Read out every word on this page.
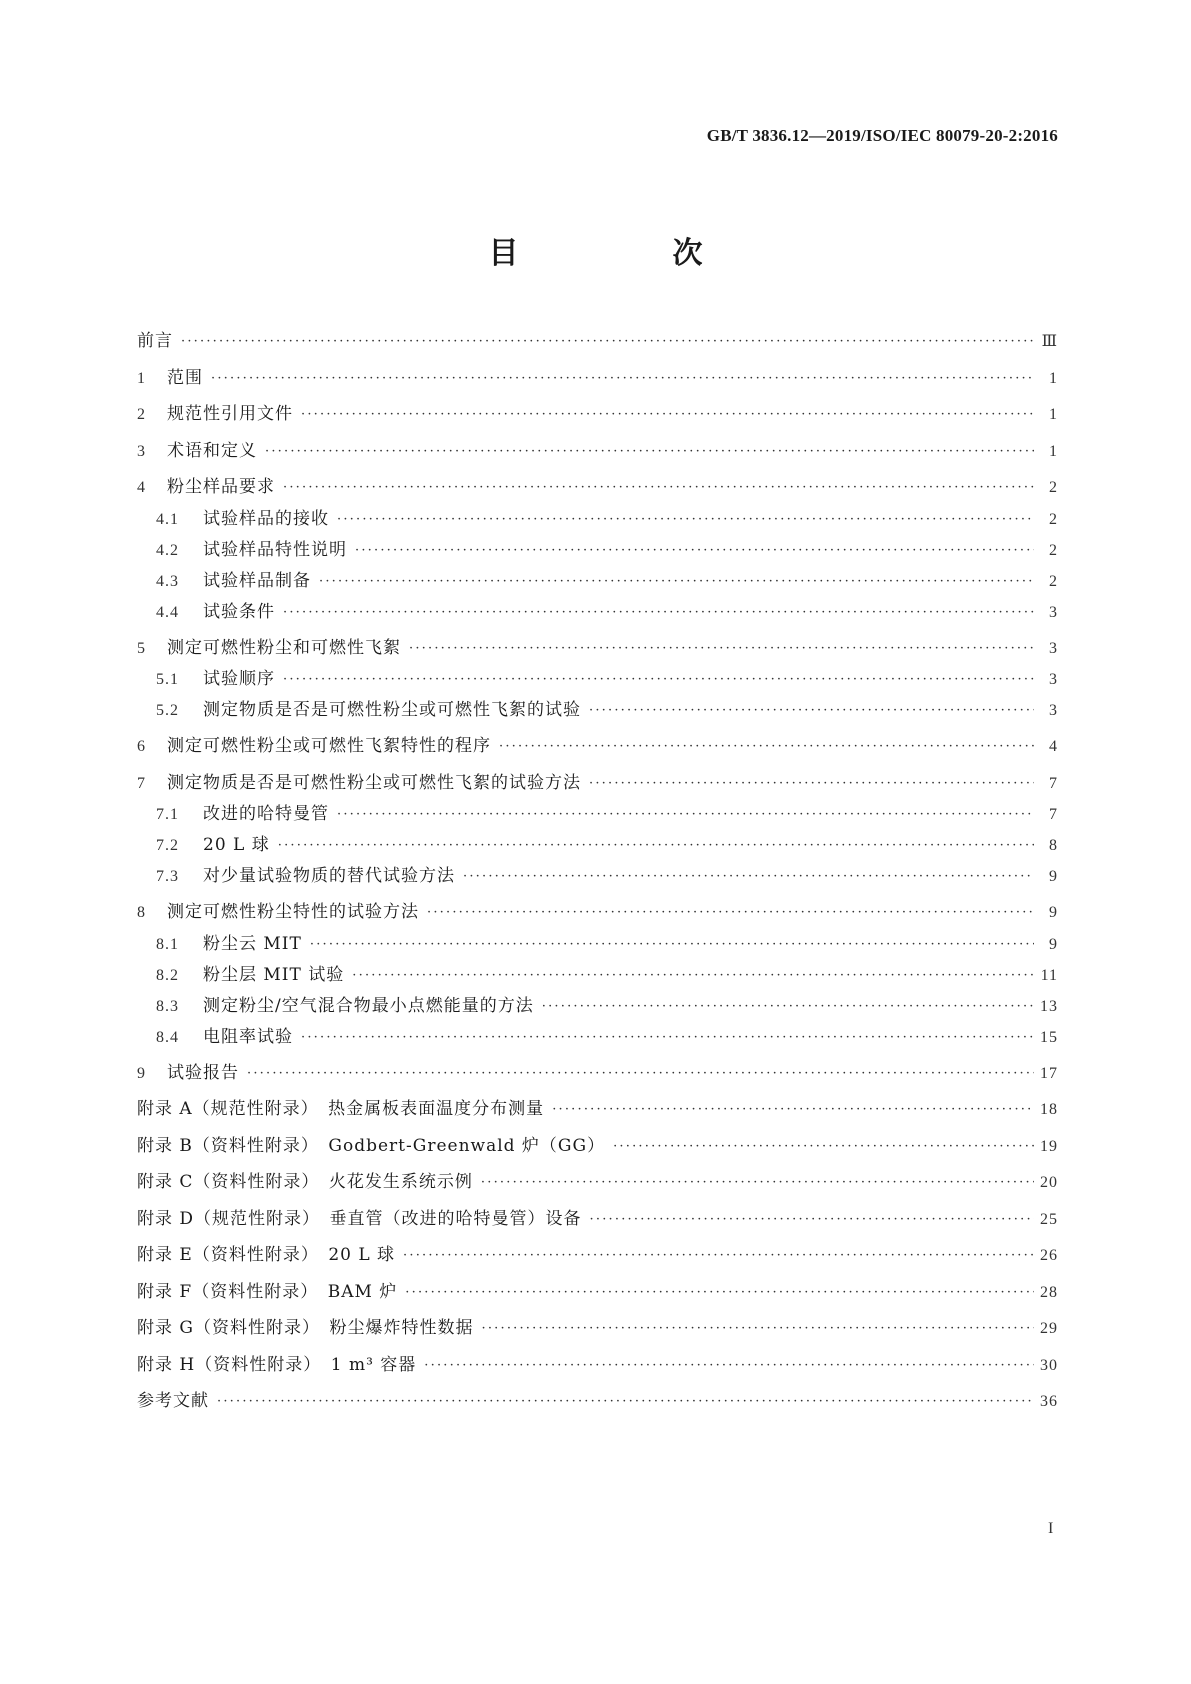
GB/T 3836.12—2019/ISO/IEC 80079-20-2:2016
目　次
前言 ·····	Ⅲ
1	范围 ·····	1
2	规范性引用文件 ·····	1
3	术语和定义 ·····	1
4	粉尘样品要求 ·····	2
4.1	试验样品的接收 ·····	2
4.2	试验样品特性说明 ·····	2
4.3	试验样品制备 ·····	2
4.4	试验条件 ·····	3
5	测定可燃性粉尘和可燃性飞絮 ·····	3
5.1	试验顺序 ·····	3
5.2	测定物质是否是可燃性粉尘或可燃性飞絮的试验 ·····	3
6	测定可燃性粉尘或可燃性飞絮特性的程序 ·····	4
7	测定物质是否是可燃性粉尘或可燃性飞絮的试验方法 ·····	7
7.1	改进的哈特曼管 ·····	7
7.2	20 L 球 ·····	8
7.3	对少量试验物质的替代试验方法 ·····	9
8	测定可燃性粉尘特性的试验方法 ·····	9
8.1	粉尘云 MIT ·····	9
8.2	粉尘层 MIT 试验 ·····	11
8.3	测定粉尘/空气混合物最小点燃能量的方法 ·····	13
8.4	电阻率试验 ·····	15
9	试验报告 ·····	17
附录 A（规范性附录）　热金属板表面温度分布测量 ·····	18
附录 B（资料性附录）　Godbert-Greenwald 炉（GG） ·····	19
附录 C（资料性附录）　火花发生系统示例 ·····	20
附录 D（规范性附录）　垂直管（改进的哈特曼管）设备 ·····	25
附录 E（资料性附录）　20 L 球 ·····	26
附录 F（资料性附录）　BAM 炉 ·····	28
附录 G（资料性附录）　粉尘爆炸特性数据 ·····	29
附录 H（资料性附录）　1 m³ 容器 ·····	30
参考文献 ·····	36
I
